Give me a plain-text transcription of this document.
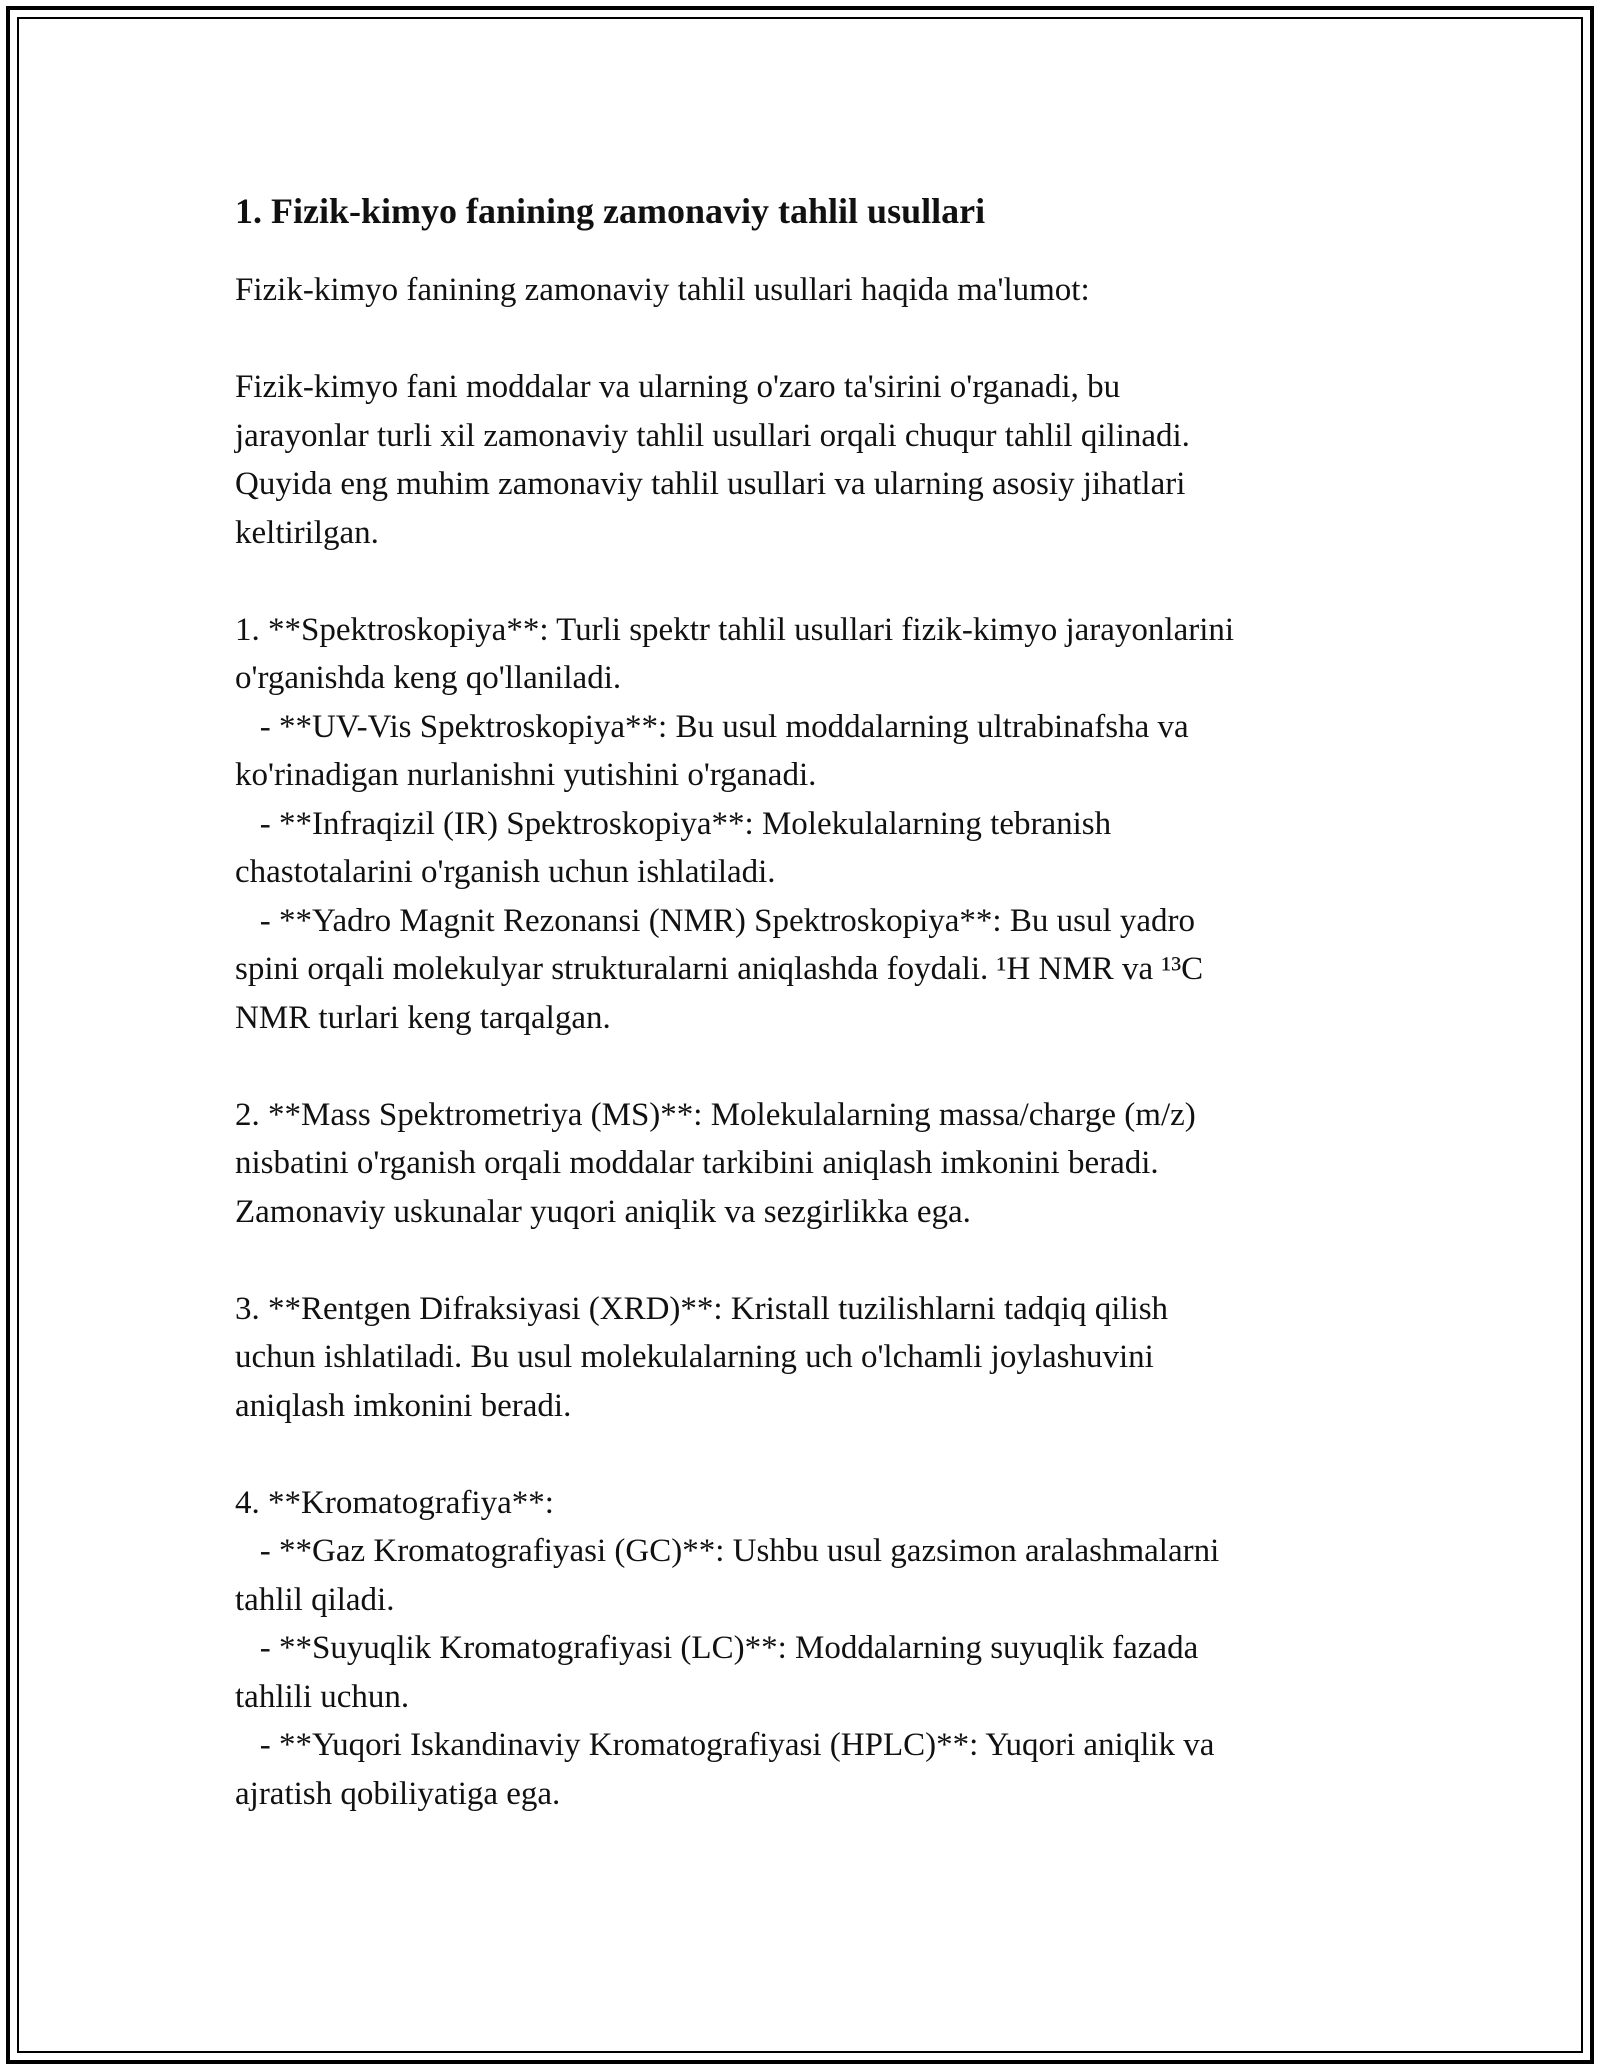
1. Fizik-kimyo fanining zamonaviy tahlil usullari
Fizik-kimyo fanining zamonaviy tahlil usullari haqida ma'lumot:
Fizik-kimyo fani moddalar va ularning o'zaro ta'sirini o'rganadi, bu
jarayonlar turli xil zamonaviy tahlil usullari orqali chuqur tahlil qilinadi.
Quyida eng muhim zamonaviy tahlil usullari va ularning asosiy jihatlari
keltirilgan.
1. **Spektroskopiya**: Turli spektr tahlil usullari fizik-kimyo jarayonlarini
o'rganishda keng qo'llaniladi.
- **UV-Vis Spektroskopiya**: Bu usul moddalarning ultrabinafsha va
ko'rinadigan nurlanishni yutishini o'rganadi.
- **Infraqizil (IR) Spektroskopiya**: Molekulalarning tebranish
chastotalarini o'rganish uchun ishlatiladi.
- **Yadro Magnit Rezonansi (NMR) Spektroskopiya**: Bu usul yadro
spini orqali molekulyar strukturalarni aniqlashda foydali. ¹H NMR va ¹³C
NMR turlari keng tarqalgan.
2. **Mass Spektrometriya (MS)**: Molekulalarning massa/charge (m/z)
nisbatini o'rganish orqali moddalar tarkibini aniqlash imkonini beradi.
Zamonaviy uskunalar yuqori aniqlik va sezgirlikka ega.
3. **Rentgen Difraksiyasi (XRD)**: Kristall tuzilishlarni tadqiq qilish
uchun ishlatiladi. Bu usul molekulalarning uch o'lchamli joylashuvini
aniqlash imkonini beradi.
4. **Kromatografiya**:
- **Gaz Kromatografiyasi (GC)**: Ushbu usul gazsimon aralashmalarni
tahlil qiladi.
- **Suyuqlik Kromatografiyasi (LC)**: Moddalarning suyuqlik fazada
tahlili uchun.
- **Yuqori Iskandinaviy Kromatografiyasi (HPLC)**: Yuqori aniqlik va
ajratish qobiliyatiga ega.
